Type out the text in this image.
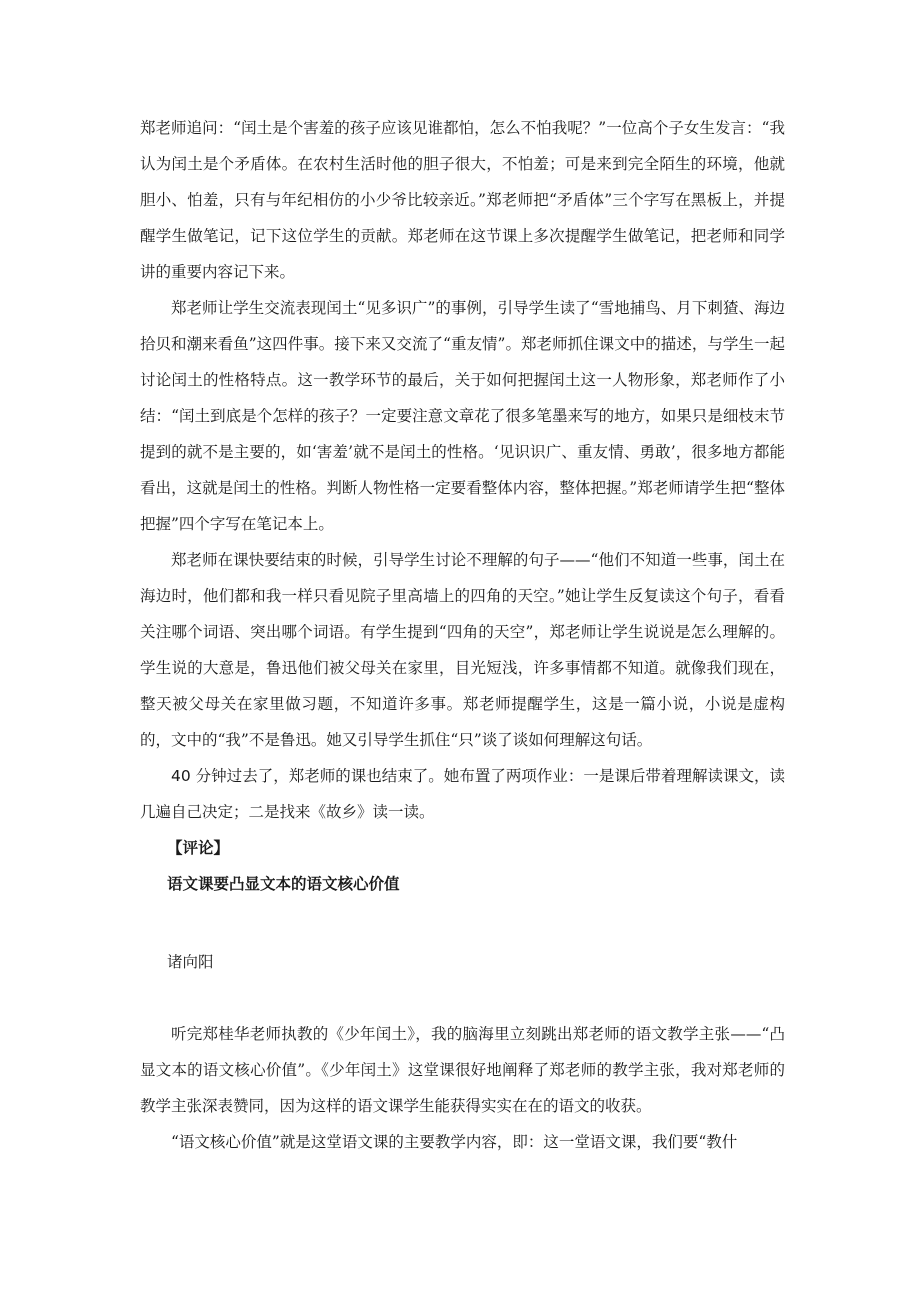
郑老师追问：“闰土是个害羞的孩子应该见谁都怕，怎么不怕我呢？”一位高个子女生发言：“我认为闰土是个矛盾体。在农村生活时他的胆子很大，不怕羞；可是来到完全陌生的环境，他就胆小、怕羞，只有与年纪相仿的小少爷比较亲近。”郑老师把“矛盾体”三个字写在黑板上，并提醒学生做笔记，记下这位学生的贡献。郑老师在这节课上多次提醒学生做笔记，把老师和同学讲的重要内容记下来。

郑老师让学生交流表现闰土“见多识广”的事例，引导学生读了“雪地捕鸟、月下刺猹、海边拾贝和潮来看鱼”这四件事。接下来又交流了“重友情”。郑老师抓住课文中的描述，与学生一起讨论闰土的性格特点。这一教学环节的最后，关于如何把握闰土这一人物形象，郑老师作了小结：“闰土到底是个怎样的孩子？一定要注意文章花了很多笔墨来写的地方，如果只是细枝末节提到的就不是主要的，如‘害羞’就不是闰土的性格。‘见识识广、重友情、勇敢’，很多地方都能看出，这就是闰土的性格。判断人物性格一定要看整体内容，整体把握。”郑老师请学生把“整体把握”四个字写在笔记本上。

郑老师在课快要结束的时候，引导学生讨论不理解的句子——“他们不知道一些事，闰土在海边时，他们都和我一样只看见院子里高墙上的四角的天空。”她让学生反复读这个句子，看看关注哪个词语、突出哪个词语。有学生提到“四角的天空”，郑老师让学生说说是怎么理解的。学生说的大意是，鲁迅他们被父母关在家里，目光短浅，许多事情都不知道。就像我们现在，整天被父母关在家里做习题，不知道许多事。郑老师提醒学生，这是一篇小说，小说是虚构的，文中的“我”不是鲁迅。她又引导学生抓住“只”谈了谈如何理解这句话。

40 分钟过去了，郑老师的课也结束了。她布置了两项作业：一是课后带着理解读课文，读几遍自己决定；二是找来《故乡》读一读。

【评论】

语文课要凸显文本的语文核心价值

诸向阳

听完郑桂华老师执教的《少年闰土》，我的脑海里立刻跳出郑老师的语文教学主张——“凸显文本的语文核心价值”。《少年闰土》这堂课很好地阐释了郑老师的教学主张，我对郑老师的教学主张深表赞同，因为这样的语文课学生能获得实实在在的语文的收获。

“语文核心价值”就是这堂语文课的主要教学内容，即：这一堂语文课，我们要“教什
